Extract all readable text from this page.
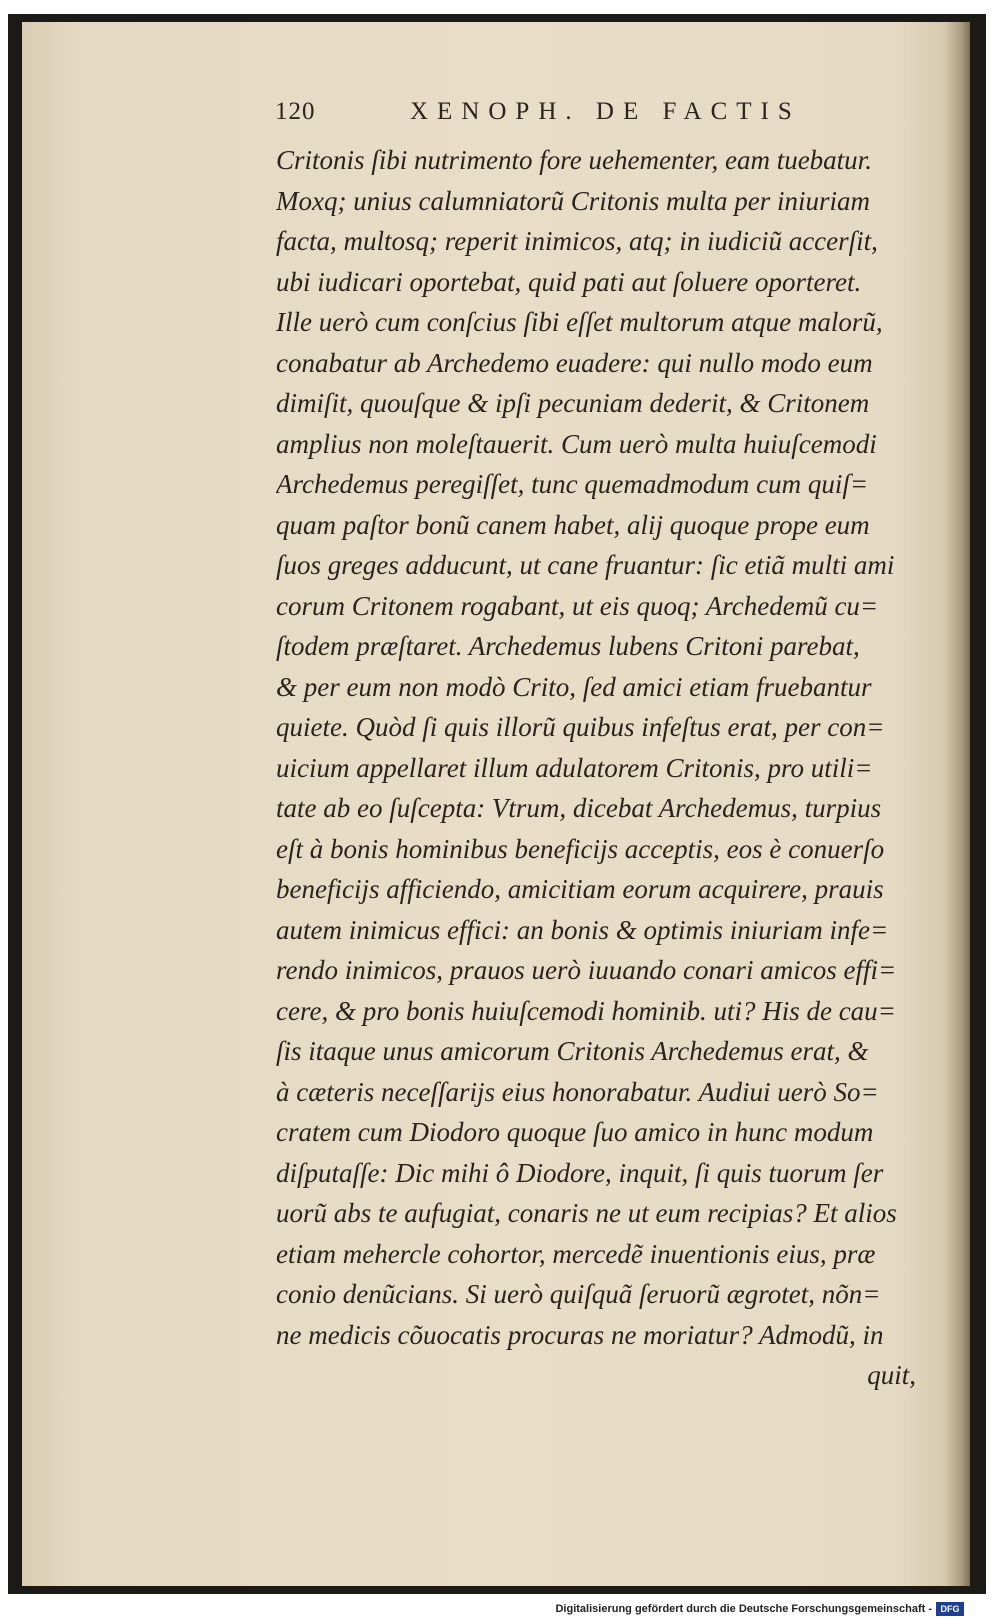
120	XENOPH. DE FACTIS
Critonis ſibi nutrimento fore uehementer, eam tuebatur.
Moxq; unius calumniatorũ Critonis multa per iniuriam
facta, multosq; reperit inimicos, atq; in iudiciũ accerſit,
ubi iudicari oportebat, quid pati aut ſoluere oporteret.
Ille uerò cum conſcius ſibi eſſet multorum atque malorũ,
conabatur ab Archedemo euadere: qui nullo modo eum
dimiſit, quouſque & ipſi pecuniam dederit, & Critonem
amplius non moleſtauerit. Cum uerò multa huiuſcemodi
Archedemus peregiſſet, tunc quemadmodum cum quiſ=
quam paſtor bonũ canem habet, alij quoque prope eum
ſuos greges adducunt, ut cane fruantur: ſic etiã multi ami
corum Critonem rogabant, ut eis quoq; Archedemũ cu=
ſtodem præſtaret. Archedemus lubens Critoni parebat,
& per eum non modò Crito, ſed amici etiam fruebantur
quiete. Quòd ſi quis illorũ quibus infeſtus erat, per con=
uicium appellaret illum adulatorem Critonis, pro utili=
tate ab eo ſuſcepta: Vtrum, dicebat Archedemus, turpius
eſt à bonis hominibus beneficijs acceptis, eos è conuerſo
beneficijs afficiendo, amicitiam eorum acquirere, prauis
autem inimicus effici: an bonis & optimis iniuriam infe=
rendo inimicos, prauos uerò iuuando conari amicos effi=
cere, & pro bonis huiuſcemodi hominib. uti? His de cau=
ſis itaque unus amicorum Critonis Archedemus erat, &
à cæteris neceſſarijs eius honorabatur. Audiui uerò So=
cratem cum Diodoro quoque ſuo amico in hunc modum
diſputaſſe: Dic mihi ô Diodore, inquit, ſi quis tuorum ſer
uorũ abs te aufugiat, conaris ne ut eum recipias? Et alios
etiam mehercle cohortor, mercedẽ inuentionis eius, præ
conio denũcians. Si uerò quiſquã ſeruorũ ægrotet, nõn=
ne medicis cõuocatis procuras ne moriatur? Admodũ, in
quit,
Digitalisierung gefördert durch die Deutsche Forschungsgemeinschaft - DFG
